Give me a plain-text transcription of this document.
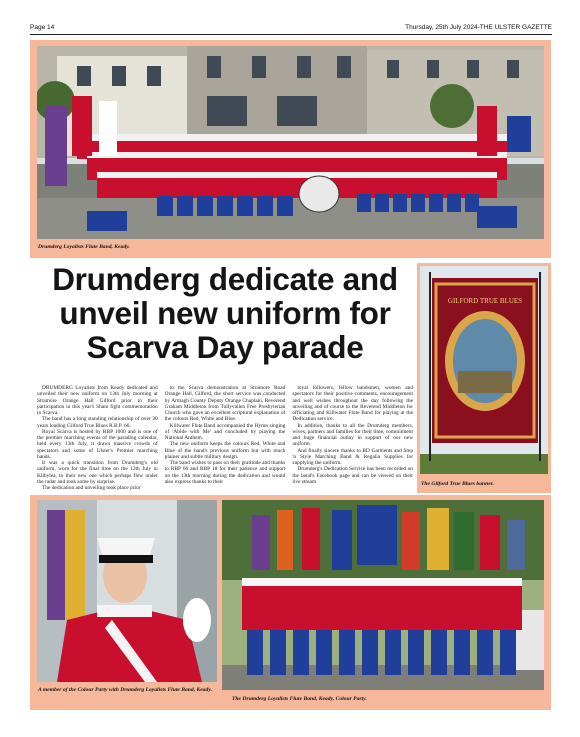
Page 14	Thursday, 25th July 2024-THE ULSTER GAZETTE
Drumderg Loyalists Flute Band, Keady.
Drumderg dedicate and unveil new uniform for Scarva Day parade
GILFORD TRUE BLUES
The Gilford True Blues banner.

DRUMDERG Loyalists from Keady dedicated and unveiled their new uniform on 13th July morning at Stramore Orange Hall Gilford prior to their participation in this year's Sham fight commemoration in Scarva.

The band has a long standing relationship of over 30 years leading Gilford True Blues R.B.P. 66.

Royal Scarva is hosted by RBP 1000 and is one of the premier marching events of the parading calendar, held every 13th July, it draws massive crowds of spectators and some of Ulster's Premier marching bands.

It was a quick transition from Drumderg's old uniform, worn for the final time on the 12th July in Kilbylea, to their new one which perhaps flew under the radar and took some by surprise.

The dedication and unveiling took place prior

to the Scarva demonstration at Stramore Road Orange Hall, Gilford, the short service was conducted by Armagh County Deputy Orange Chaplain, Reverend Graham Middleton from Tullyvallen Free Presbyterian Church who gave an excellent scriptural explanation of the colours Red, White and Blue.

Killwater Flute Band accompanied the Hymn singing of 'Abide with Me' and concluded by playing the National Anthem.

The new uniform keeps the colours Red, White and Blue of the band's previous uniform but with much plainer and subtle military design.

The band wishes to pass on their gratitude and thanks to RBP 66 and RBP 18 for their patience and support on the 13th morning during the dedication and would also express thanks to their

loyal followers, fellow bandsmen, women and spectators for their positive comments, encouragement and well wishes throughout the day following the unveiling and of course to the Reverend Middleton for officiating and Killwater Flute Band for playing at the Dedication service.

In addition, thanks to all the Drumderg members, wives, partners and families for their time, commitment and huge financial outlay in support of our new uniform.

And finally sincere thanks to BD Garments and Step 'n Style Marching Band & Regalia Supplies for supplying the uniform.

Drumderg's Dedication Service has been recorded on the band's Facebook page and can be viewed on their live stream

A member of the Colour Party with Drumderg Loyalists Flute Band, Keady.
The Drumderg Loyalists Flute Band, Keady, Colour Party.
